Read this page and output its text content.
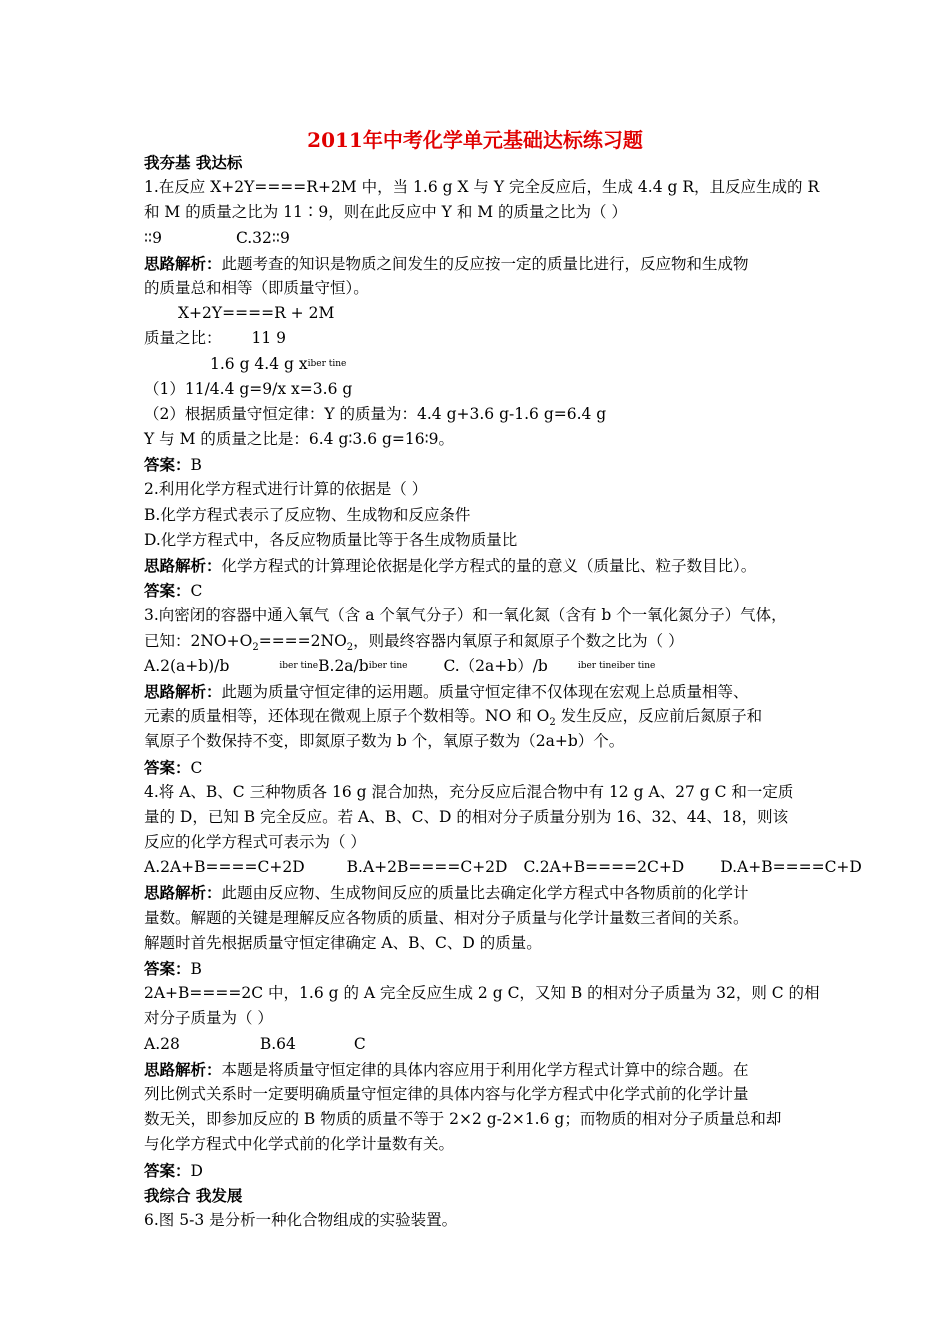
2011年中考化学单元基础达标练习题
我夯基 我达标
1.在反应 X+2Y====R+2M 中，当 1.6 g X 与 Y 完全反应后，生成 4.4 g R，且反应生成的 R
和 M 的质量之比为 11∶9，则在此反应中 Y 和 M 的质量之比为（ ）
∶∶9	C.32∶∶9
思路解析：此题考查的知识是物质之间发生的反应按一定的质量比进行，反应物和生成物
的质量总和相等（即质量守恒）。
X+2Y====R + 2M
质量之比： 11 9
1.6 g 4.4 g xiber tine
（1）11/4.4 g=9/x x=3.6 g
（2）根据质量守恒定律：Y 的质量为：4.4 g+3.6 g-1.6 g=6.4 g
Y 与 M 的质量之比是：6.4 g∶3.6 g=16∶9。
答案：B
2.利用化学方程式进行计算的依据是（ ）
B.化学方程式表示了反应物、生成物和反应条件
D.化学方程式中，各反应物质量比等于各生成物质量比
思路解析：化学方程式的计算理论依据是化学方程式的量的意义（质量比、粒子数目比）。
答案：C
3.向密闭的容器中通入氧气（含 a 个氧气分子）和一氧化氮（含有 b 个一氧化氮分子）气体，
已知：$2NO+O_2====2NO_2$，则最终容器内氧原子和氮原子个数之比为（ ）
A.2(a+b)/b	iber tineB.2a/biber tine C.（2a+b）/b	iber tineiber tine
思路解析：此题为质量守恒定律的运用题。质量守恒定律不仅体现在宏观上总质量相等、
元素的质量相等，还体现在微观上原子个数相等。NO 和 $O_2$ 发生反应，反应前后氮原子和
氧原子个数保持不变，即氮原子数为 b 个，氧原子数为（2a+b）个。
答案：C
4.将 A、B、C 三种物质各 16 g 混合加热，充分反应后混合物中有 12 g A、27 g C 和一定质
量的 D，已知 B 完全反应。若 A、B、C、D 的相对分子质量分别为 16、32、44、18，则该
反应的化学方程式可表示为（ ）
A.2A+B====C+2D	B.A+2B====C+2D C.2A+B====2C+D D.A+B====C+D
思路解析：此题由反应物、生成物间反应的质量比去确定化学方程式中各物质前的化学计
量数。解题的关键是理解反应各物质的质量、相对分子质量与化学计量数三者间的关系。
解题时首先根据质量守恒定律确定 A、B、C、D 的质量。
答案：B
2A+B====2C 中，1.6 g 的 A 完全反应生成 2 g C，又知 B 的相对分子质量为 32，则 C 的相
对分子质量为（ ）
A.28	B.64	C
思路解析：本题是将质量守恒定律的具体内容应用于利用化学方程式计算中的综合题。在
列比例式关系时一定要明确质量守恒定律的具体内容与化学方程式中化学式前的化学计量
数无关，即参加反应的 B 物质的质量不等于 2×2 g-2×1.6 g；而物质的相对分子质量总和却
与化学方程式中化学式前的化学计量数有关。
答案：D
我综合 我发展
6.图 5-3 是分析一种化合物组成的实验装置。
